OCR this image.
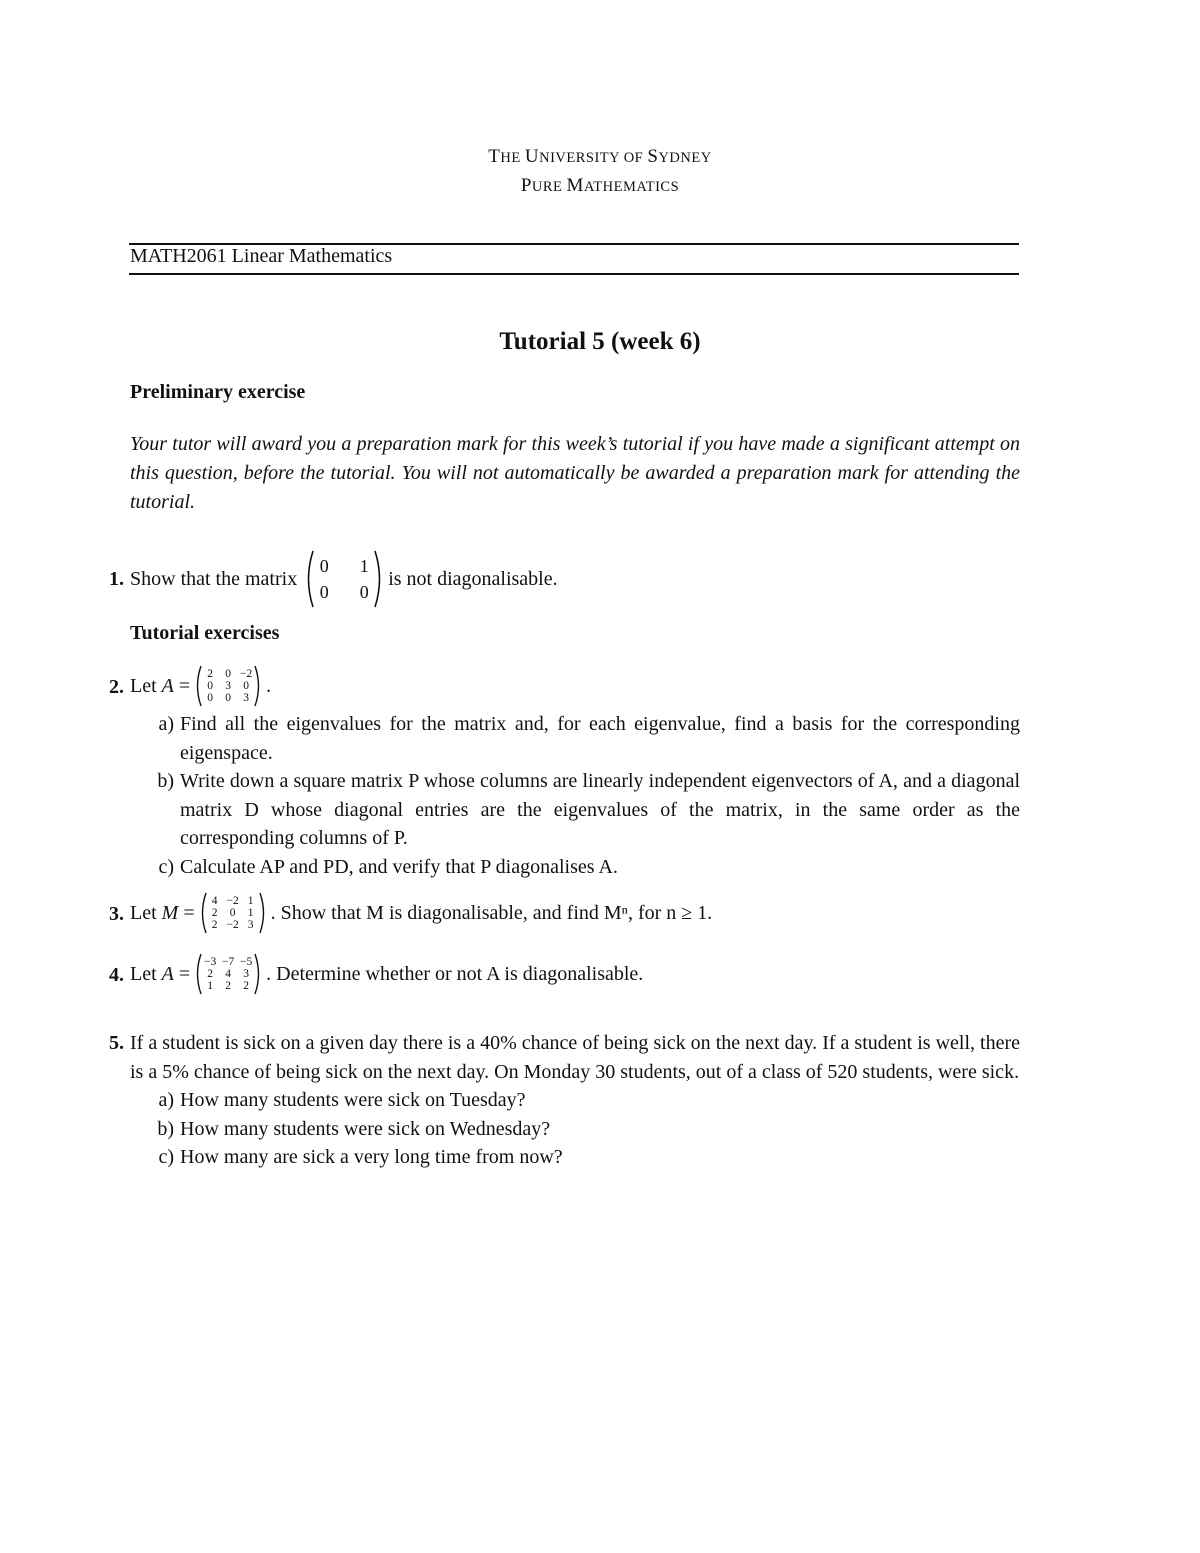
THE UNIVERSITY OF SYDNEY
PURE MATHEMATICS
MATH2061 Linear Mathematics
Tutorial 5 (week 6)
Preliminary exercise
Your tutor will award you a preparation mark for this week’s tutorial if you have made a significant attempt on this question, before the tutorial. You will not automatically be awarded a preparation mark for attending the tutorial.
1. Show that the matrix
0 1
0 0
is not diagonalisable.
Tutorial exercises
2. Let
A
=
2	0 −2
0	3	0
0	0	3
.
a) Find all the eigenvalues for the matrix and, for each eigenvalue, find a basis for the corresponding eigenspace.
b) Write down a square matrix P whose columns are linearly independent eigenvectors of A, and a diagonal matrix D whose diagonal entries are the eigenvalues of the matrix, in the same order as the corresponding columns of P.
c) Calculate AP and PD, and verify that P diagonalises A.
3. Let
M
=
4 −2 1
2	0	1
2 −2 3
. Show that M is diagonalisable, and find Mⁿ, for n ≥ 1.
4. Let
A
=
−3 −7 −5
2	4	3
1	2	2
. Determine whether or not A is diagonalisable.
5. If a student is sick on a given day there is a 40% chance of being sick on the next day. If a student is well, there is a 5% chance of being sick on the next day. On Monday 30 students, out of a class of 520 students, were sick.
a) How many students were sick on Tuesday?
b) How many students were sick on Wednesday?
c) How many are sick a very long time from now?
